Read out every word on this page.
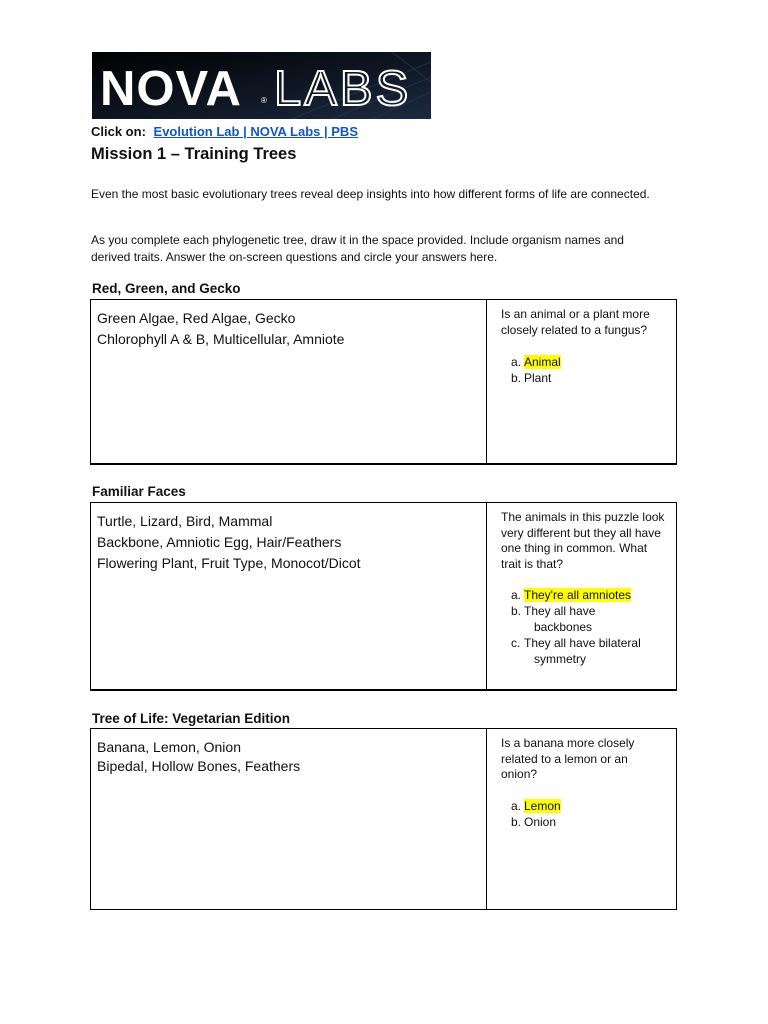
NOVA ® LABS
Click on: Evolution Lab | NOVA Labs | PBS
Mission 1 – Training Trees
Even the most basic evolutionary trees reveal deep insights into how different forms of life are connected.
As you complete each phylogenetic tree, draw it in the space provided. Include organism names and derived traits. Answer the on-screen questions and circle your answers here.
Red, Green, and Gecko
Green Algae, Red Algae, Gecko
Chlorophyll A & B, Multicellular, Amniote
Is an animal or a plant more closely related to a fungus?
a. Animal
b. Plant
Familiar Faces
Turtle, Lizard, Bird, Mammal
Backbone, Amniotic Egg, Hair/Feathers
Flowering Plant, Fruit Type, Monocot/Dicot
The animals in this puzzle look very different but they all have one thing in common. What trait is that?
a. They're all amniotes
b. They all have
backbones
c. They all have bilateral
symmetry
Tree of Life: Vegetarian Edition
Banana, Lemon, Onion
Bipedal, Hollow Bones, Feathers
Is a banana more closely related to a lemon or an onion?
a. Lemon
b. Onion
